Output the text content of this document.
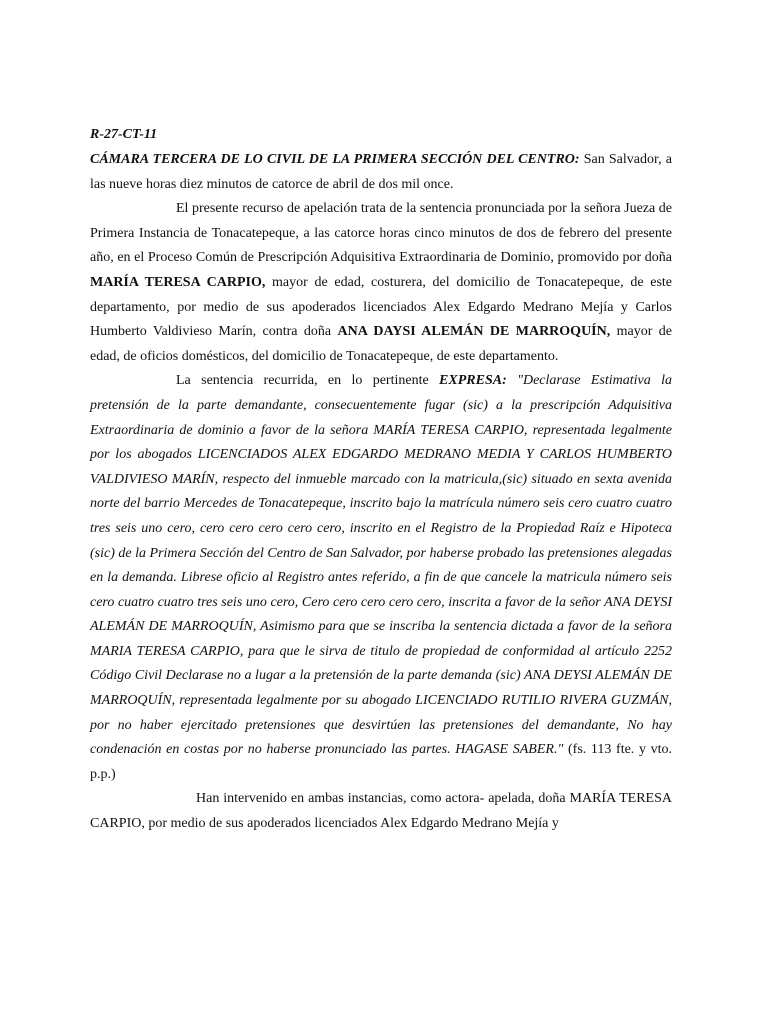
R-27-CT-11

CÁMARA TERCERA DE LO CIVIL DE LA PRIMERA SECCIÓN DEL CENTRO: San Salvador, a las nueve horas diez minutos de catorce de abril de dos mil once.

El presente recurso de apelación trata de la sentencia pronunciada por la señora Jueza de Primera Instancia de Tonacatepeque, a las catorce horas cinco minutos de dos de febrero del presente año, en el Proceso Común de Prescripción Adquisitiva Extraordinaria de Dominio, promovido por doña MARÍA TERESA CARPIO, mayor de edad, costurera, del domicilio de Tonacatepeque, de este departamento, por medio de sus apoderados licenciados Alex Edgardo Medrano Mejía y Carlos Humberto Valdivieso Marín, contra doña ANA DAYSI ALEMÁN DE MARROQUÍN, mayor de edad, de oficios domésticos, del domicilio de Tonacatepeque, de este departamento.

La sentencia recurrida, en lo pertinente EXPRESA: "Declarase Estimativa la pretensión de la parte demandante, consecuentemente fugar (sic) a la prescripción Adquisitiva Extraordinaria de dominio a favor de la señora MARÍA TERESA CARPIO, representada legalmente por los abogados LICENCIADOS ALEX EDGARDO MEDRANO MEDIA Y CARLOS HUMBERTO VALDIVIESO MARÍN, respecto del inmueble marcado con la matricula,(sic) situado en sexta avenida norte del barrio Mercedes de Tonacatepeque, inscrito bajo la matrícula número seis cero cuatro cuatro tres seis uno cero, cero cero cero cero cero, inscrito en el Registro de la Propiedad Raíz e Hipoteca (sic) de la Primera Sección del Centro de San Salvador, por haberse probado las pretensiones alegadas en la demanda. Librese oficio al Registro antes referido, a fin de que cancele la matricula número seis cero cuatro cuatro tres seis uno cero, Cero cero cero cero cero, inscrita a favor de la señor ANA DEYSI ALEMÁN DE MARROQUÍN, Asimismo para que se inscriba la sentencia dictada a favor de la señora MARIA TERESA CARPIO, para que le sirva de titulo de propiedad de conformidad al artículo 2252 Código Civil Declarase no a lugar a la pretensión de la parte demanda (sic) ANA DEYSI ALEMÁN DE MARROQUÍN, representada legalmente por su abogado LICENCIADO RUTILIO RIVERA GUZMÁN, por no haber ejercitado pretensiones que desvirtúen las pretensiones del demandante, No hay condenación en costas por no haberse pronunciado las partes. HAGASE SABER." (fs. 113 fte. y vto. p.p.)

Han intervenido en ambas instancias, como actora- apelada, doña MARÍA TERESA CARPIO, por medio de sus apoderados licenciados Alex Edgardo Medrano Mejía y
